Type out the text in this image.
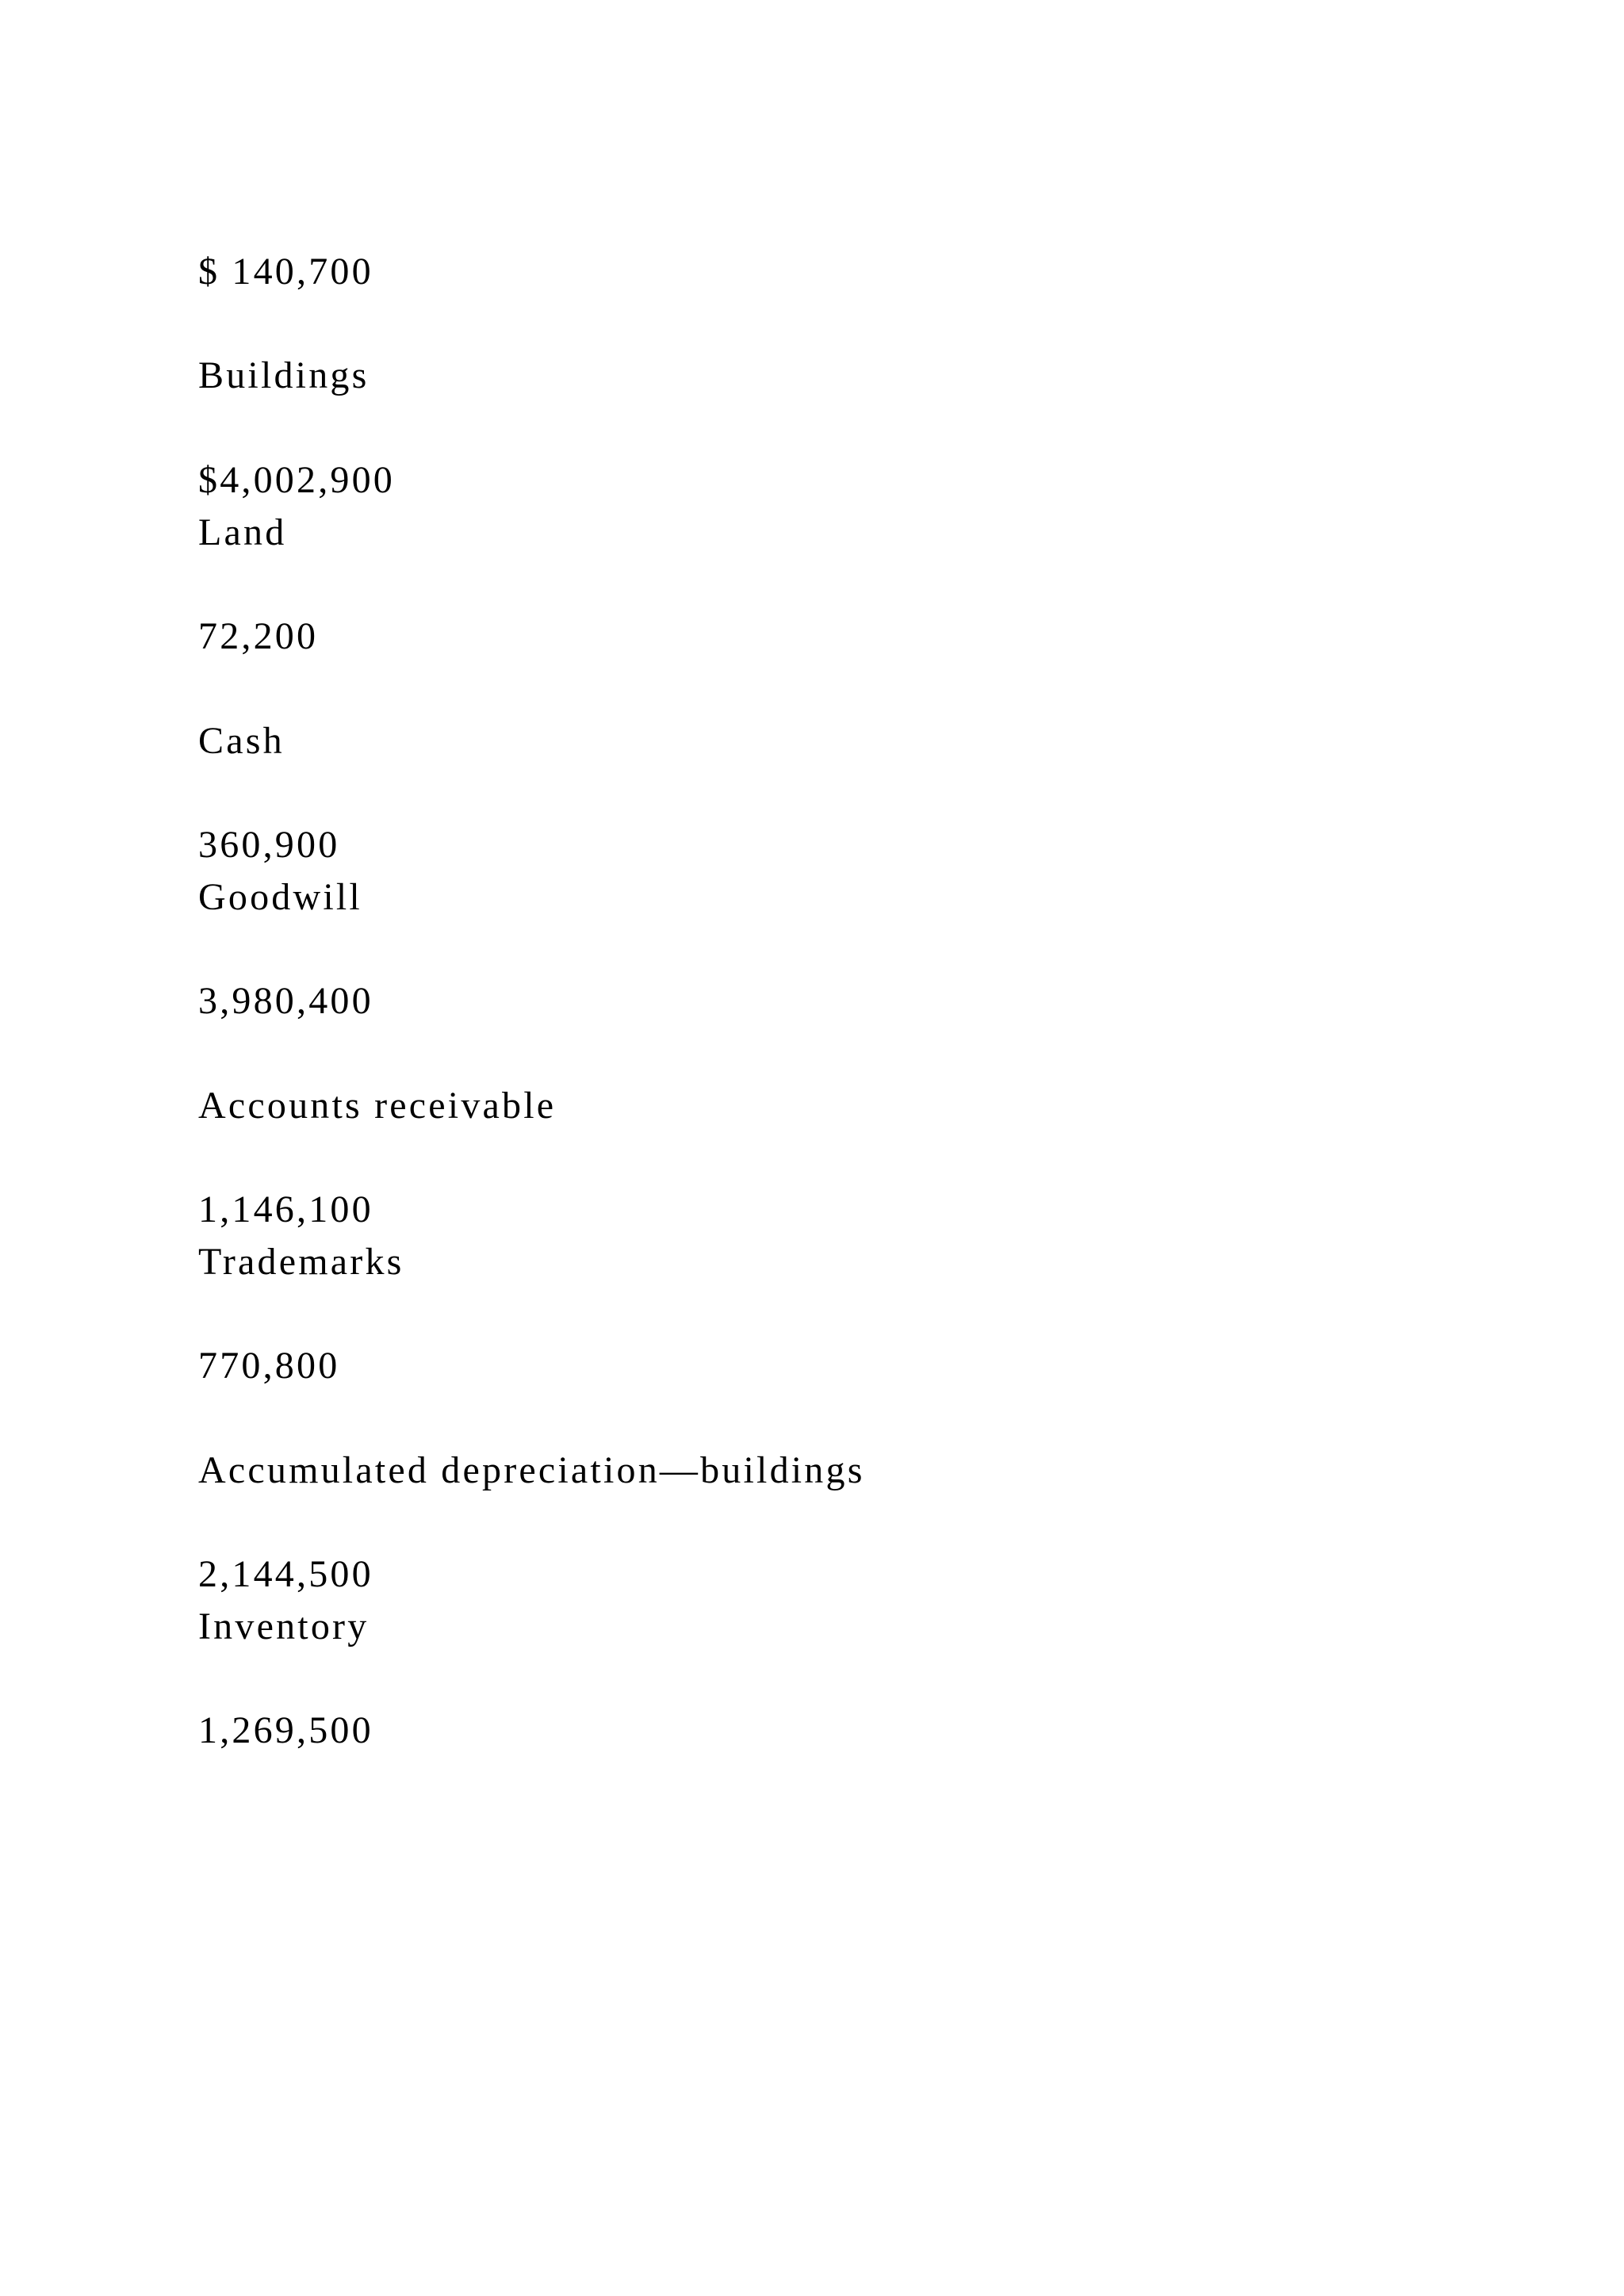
$ 140,700

Buildings

$4,002,900

Land

72,200

Cash

360,900

Goodwill

3,980,400

Accounts receivable

1,146,100

Trademarks

770,800

Accumulated depreciation—buildings

2,144,500

Inventory

1,269,500
